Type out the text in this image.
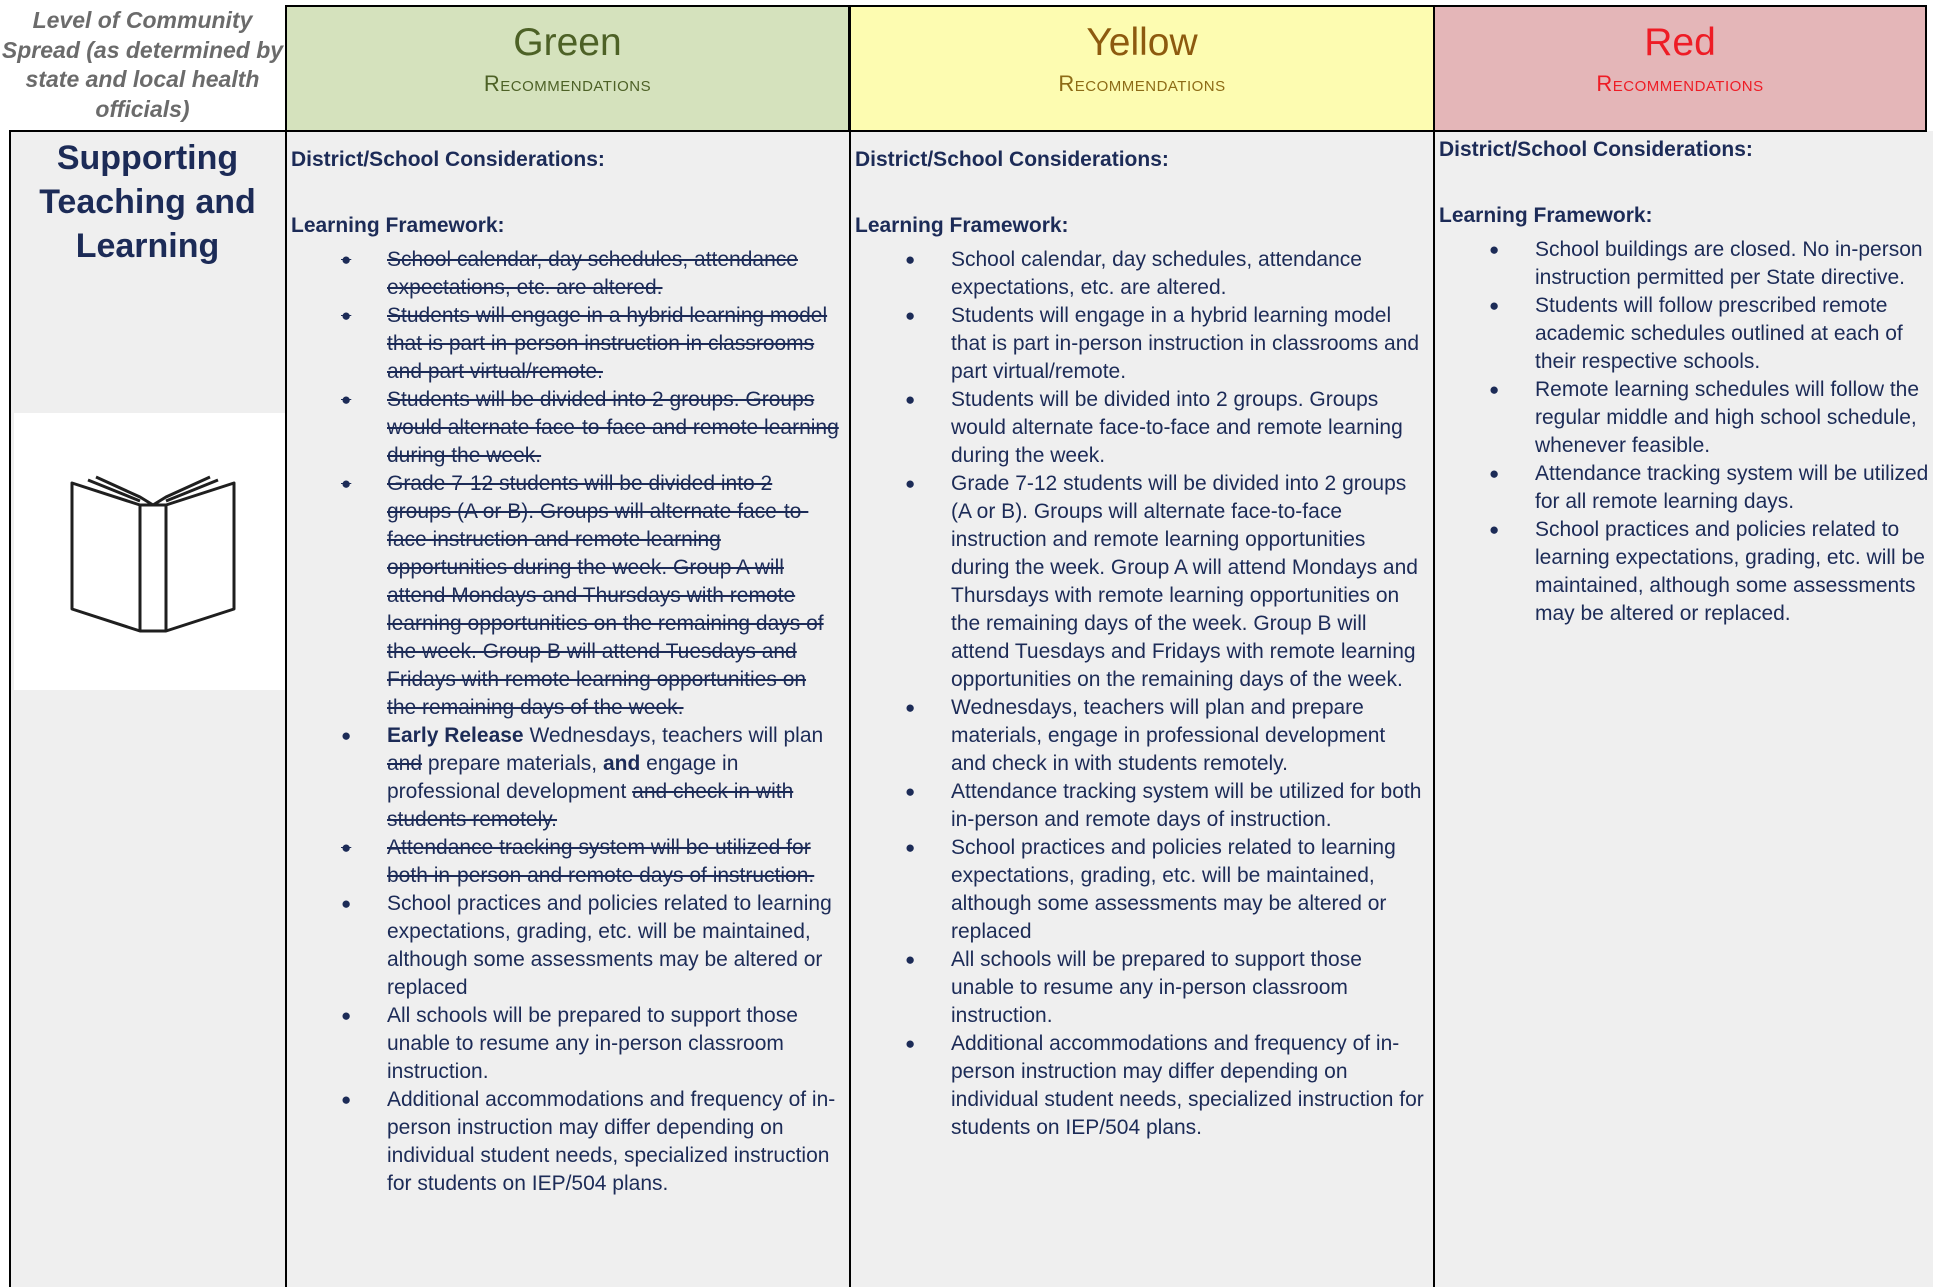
Level of Community Spread (as determined by state and local health officials)
Green
Recommendations
Yellow
Recommendations
Red
Recommendations
Supporting Teaching and Learning

District/School Considerations:

Learning Framework:

● School calendar, day schedules, attendance expectations, etc. are altered.
● Students will engage in a hybrid learning model that is part in-person instruction in classrooms and part virtual/remote.
● Students will be divided into 2 groups. Groups would alternate face-to-face and remote learning during the week.
● Grade 7-12 students will be divided into 2 groups (A or B). Groups will alternate face-to-face instruction and remote learning opportunities during the week. Group A will attend Mondays and Thursdays with remote learning opportunities on the remaining days of the week. Group B will attend Tuesdays and Fridays with remote learning opportunities on the remaining days of the week.
● Early Release Wednesdays, teachers will plan and prepare materials, and engage in professional development and check in with students remotely.
● Attendance tracking system will be utilized for both in-person and remote days of instruction.
● School practices and policies related to learning expectations, grading, etc. will be maintained, although some assessments may be altered or replaced
● All schools will be prepared to support those unable to resume any in-person classroom instruction.
● Additional accommodations and frequency of in-person instruction may differ depending on individual student needs, specialized instruction for students on IEP/504 plans.

District/School Considerations:

Learning Framework:

● School calendar, day schedules, attendance expectations, etc. are altered.
● Students will engage in a hybrid learning model that is part in-person instruction in classrooms and part virtual/remote.
● Students will be divided into 2 groups. Groups would alternate face-to-face and remote learning during the week.
● Grade 7-12 students will be divided into 2 groups (A or B). Groups will alternate face-to-face instruction and remote learning opportunities during the week. Group A will attend Mondays and Thursdays with remote learning opportunities on the remaining days of the week. Group B will attend Tuesdays and Fridays with remote learning opportunities on the remaining days of the week.
● Wednesdays, teachers will plan and prepare materials, engage in professional development and check in with students remotely.
● Attendance tracking system will be utilized for both in-person and remote days of instruction.
● School practices and policies related to learning expectations, grading, etc. will be maintained, although some assessments may be altered or replaced
● All schools will be prepared to support those unable to resume any in-person classroom instruction.
● Additional accommodations and frequency of in-person instruction may differ depending on individual student needs, specialized instruction for students on IEP/504 plans.

District/School Considerations:

Learning Framework:

● School buildings are closed. No in-person instruction permitted per State directive.
● Students will follow prescribed remote academic schedules outlined at each of their respective schools.
● Remote learning schedules will follow the regular middle and high school schedule, whenever feasible.
● Attendance tracking system will be utilized for all remote learning days.
● School practices and policies related to learning expectations, grading, etc. will be maintained, although some assessments may be altered or replaced.
